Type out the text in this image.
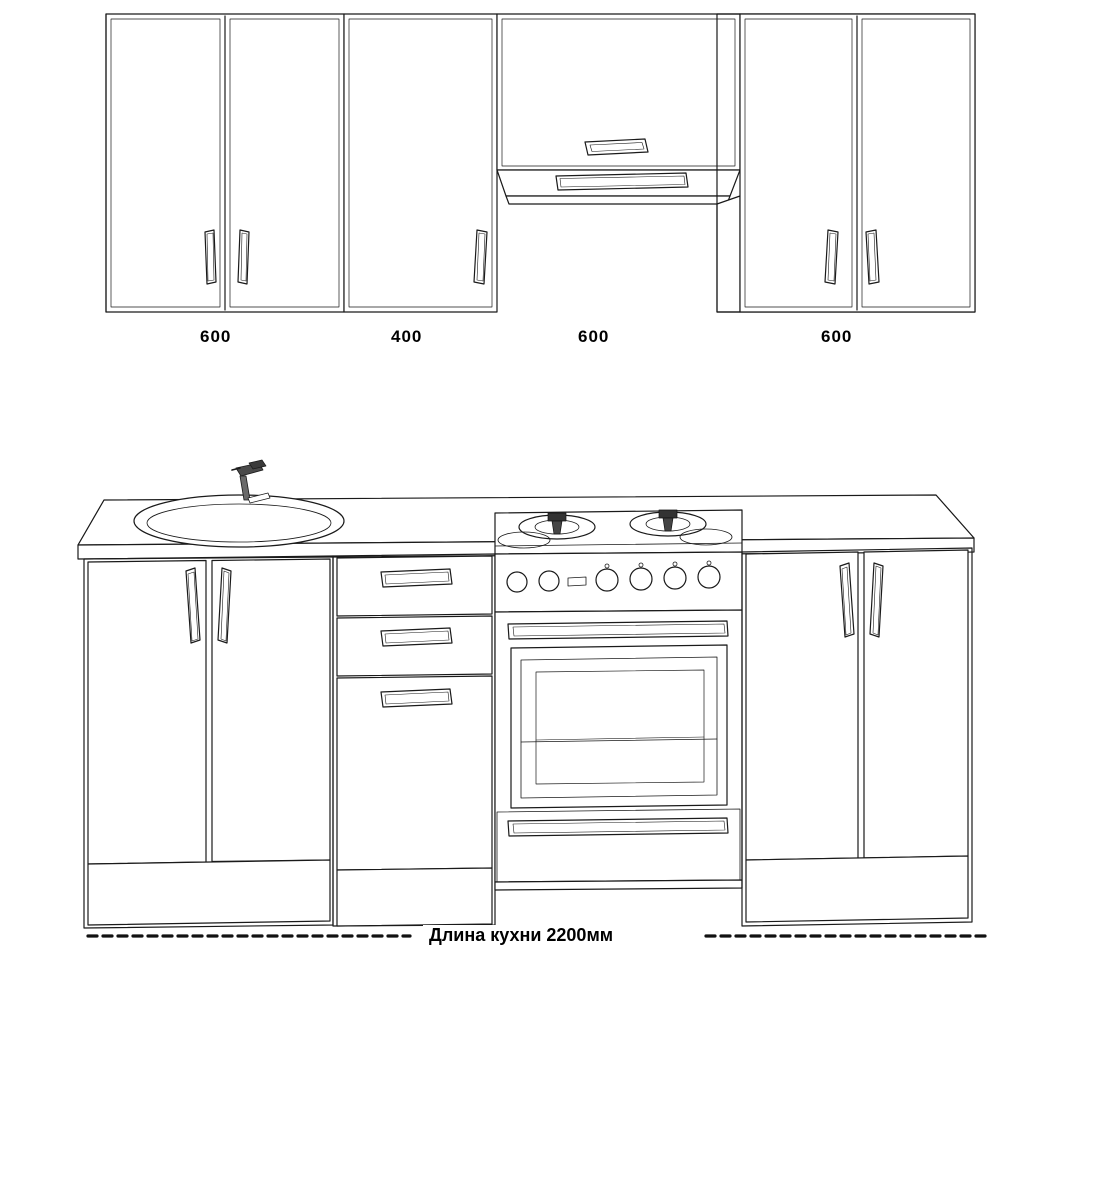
600	400	600	600
Длина кухни 2200мм
